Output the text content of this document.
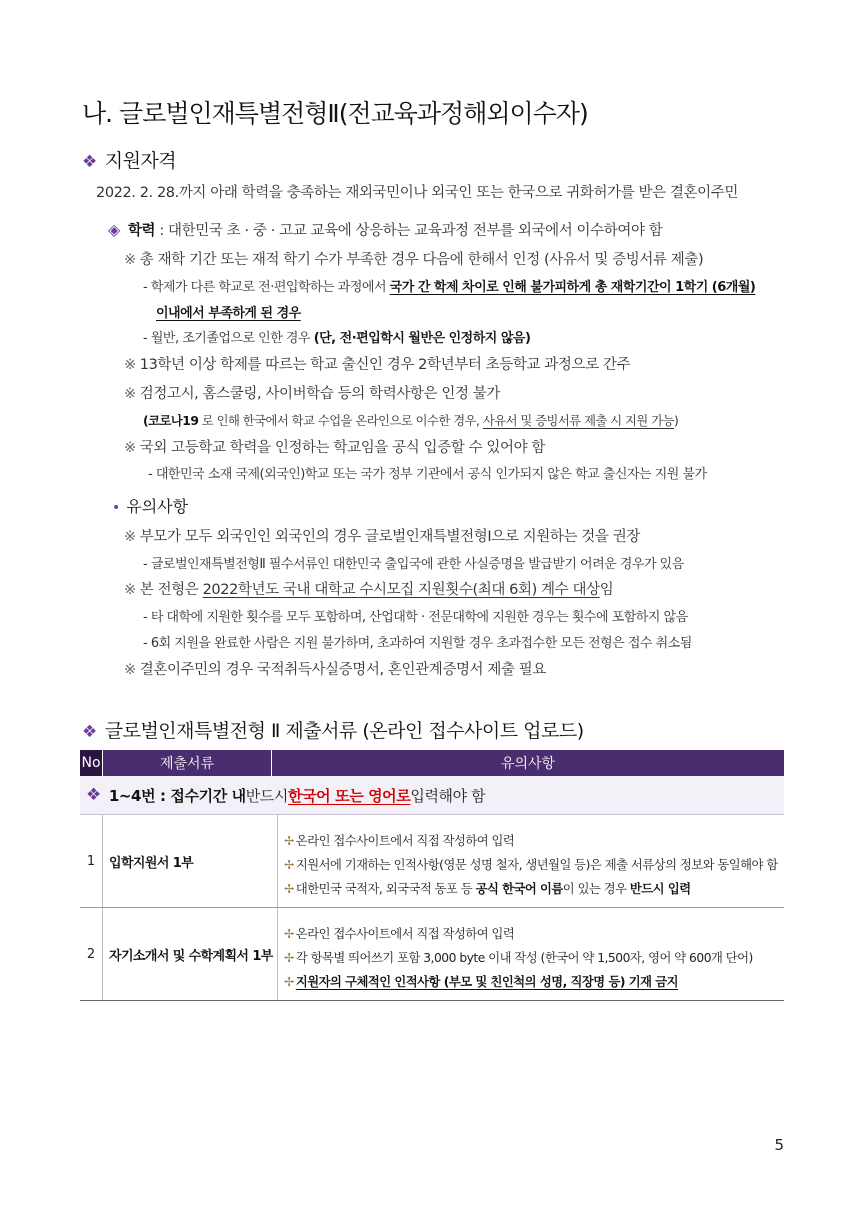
나. 글로벌인재특별전형Ⅱ(전교육과정해외이수자)
❖ 지원자격
2022. 2. 28.까지 아래 학력을 충족하는 재외국민이나 외국인 또는 한국으로 귀화허가를 받은 결혼이주민
◈ 학력 : 대한민국 초 · 중 · 고교 교육에 상응하는 교육과정 전부를 외국에서 이수하여야 함
※ 총 재학 기간 또는 재적 학기 수가 부족한 경우 다음에 한해서 인정 (사유서 및 증빙서류 제출)
- 학제가 다른 학교로 전·편입학하는 과정에서 국가 간 학제 차이로 인해 불가피하게 총 재학기간이 1학기 (6개월)
이내에서 부족하게 된 경우
- 월반, 조기졸업으로 인한 경우 (단, 전·편입학시 월반은 인정하지 않음)
※ 13학년 이상 학제를 따르는 학교 출신인 경우 2학년부터 초등학교 과정으로 간주
※ 검정고시, 홈스쿨링, 사이버학습 등의 학력사항은 인정 불가
(코로나19 로 인해 한국에서 학교 수업을 온라인으로 이수한 경우, 사유서 및 증빙서류 제출 시 지원 가능)
※ 국외 고등학교 학력을 인정하는 학교임을 공식 입증할 수 있어야 함
- 대한민국 소재 국제(외국인)학교 또는 국가 정부 기관에서 공식 인가되지 않은 학교 출신자는 지원 불가
• 유의사항
※ 부모가 모두 외국인인 외국인의 경우 글로벌인재특별전형Ⅰ으로 지원하는 것을 권장
- 글로벌인재특별전형Ⅱ 필수서류인 대한민국 출입국에 관한 사실증명을 발급받기 어려운 경우가 있음
※ 본 전형은 2022학년도 국내 대학교 수시모집 지원횟수(최대 6회) 계수 대상임
- 타 대학에 지원한 횟수를 모두 포함하며, 산업대학 · 전문대학에 지원한 경우는 횟수에 포함하지 않음
- 6회 지원을 완료한 사람은 지원 불가하며, 초과하여 지원할 경우 초과접수한 모든 전형은 접수 취소됨
※ 결혼이주민의 경우 국적취득사실증명서, 혼인관계증명서 제출 필요
❖ 글로벌인재특별전형 Ⅱ 제출서류 (온라인 접수사이트 업로드)
No	제출서류	유의사항
❖ 1~4번 : 접수기간 내 반드시 한국어 또는 영어로 입력해야 함
1	입학지원서 1부
✢ 온라인 접수사이트에서 직접 작성하여 입력
✢ 지원서에 기재하는 인적사항(영문 성명 철자, 생년월일 등)은 제출 서류상의 정보와 동일해야 함
✢ 대한민국 국적자, 외국국적 동포 등 공식 한국어 이름이 있는 경우 반드시 입력
2	자기소개서 및 수학계획서 1부
✢ 온라인 접수사이트에서 직접 작성하여 입력
✢ 각 항목별 띄어쓰기 포함 3,000 byte 이내 작성 (한국어 약 1,500자, 영어 약 600개 단어)
✢ 지원자의 구체적인 인적사항 (부모 및 친인척의 성명, 직장명 등) 기재 금지
5
